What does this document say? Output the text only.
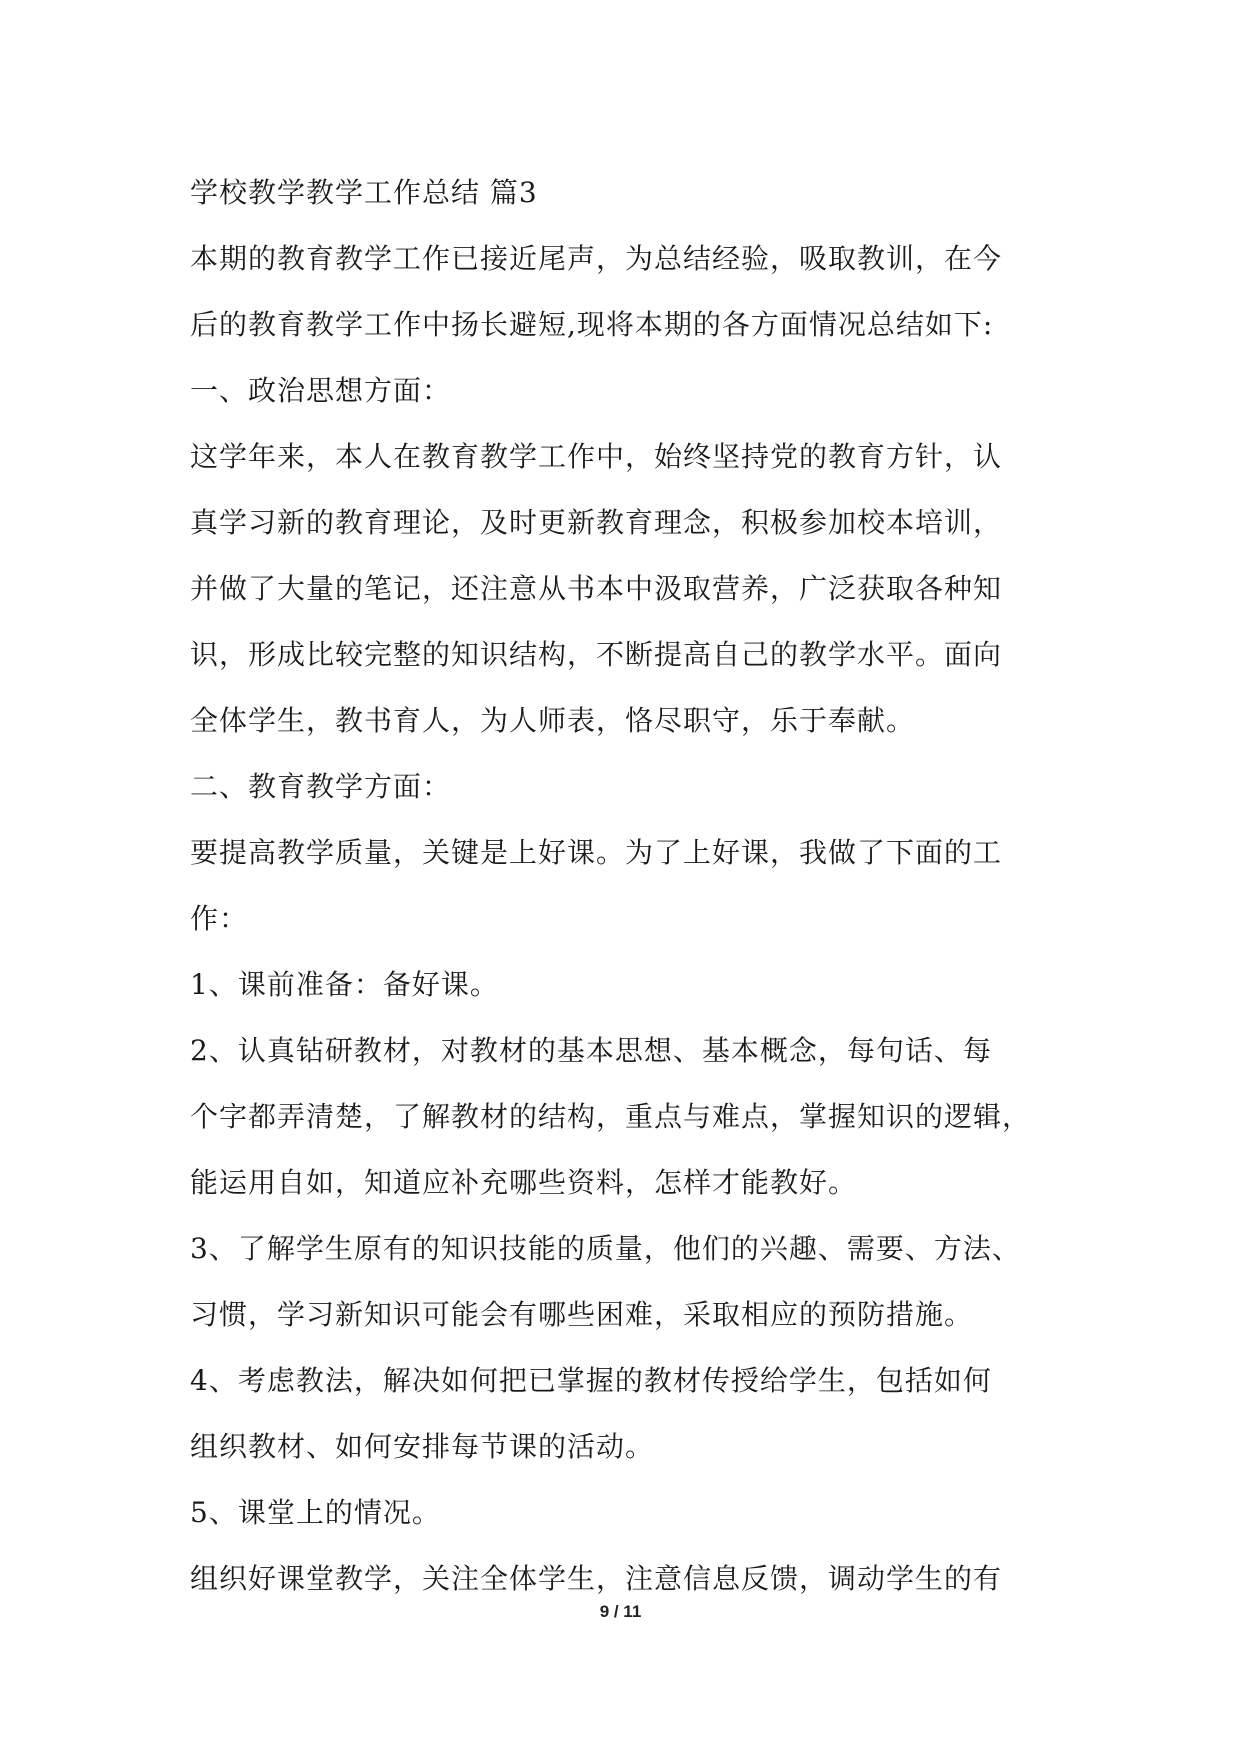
学校教学教学工作总结 篇3
本期的教育教学工作已接近尾声，为总结经验，吸取教训，在今
后的教育教学工作中扬长避短,现将本期的各方面情况总结如下:
一、政治思想方面：
这学年来，本人在教育教学工作中，始终坚持党的教育方针，认
真学习新的教育理论，及时更新教育理念，积极参加校本培训，
并做了大量的笔记，还注意从书本中汲取营养，广泛获取各种知
识，形成比较完整的知识结构，不断提高自己的教学水平。面向
全体学生，教书育人，为人师表，恪尽职守，乐于奉献。
二、教育教学方面：
要提高教学质量，关键是上好课。为了上好课，我做了下面的工
作：
1、课前准备：备好课。
2、认真钻研教材，对教材的基本思想、基本概念，每句话、每
个字都弄清楚，了解教材的结构，重点与难点，掌握知识的逻辑，
能运用自如，知道应补充哪些资料，怎样才能教好。
3、了解学生原有的知识技能的质量，他们的兴趣、需要、方法、
习惯，学习新知识可能会有哪些困难，采取相应的预防措施。
4、考虑教法，解决如何把已掌握的教材传授给学生，包括如何
组织教材、如何安排每节课的活动。
5、课堂上的情况。
组织好课堂教学，关注全体学生，注意信息反馈，调动学生的有
9 / 11
